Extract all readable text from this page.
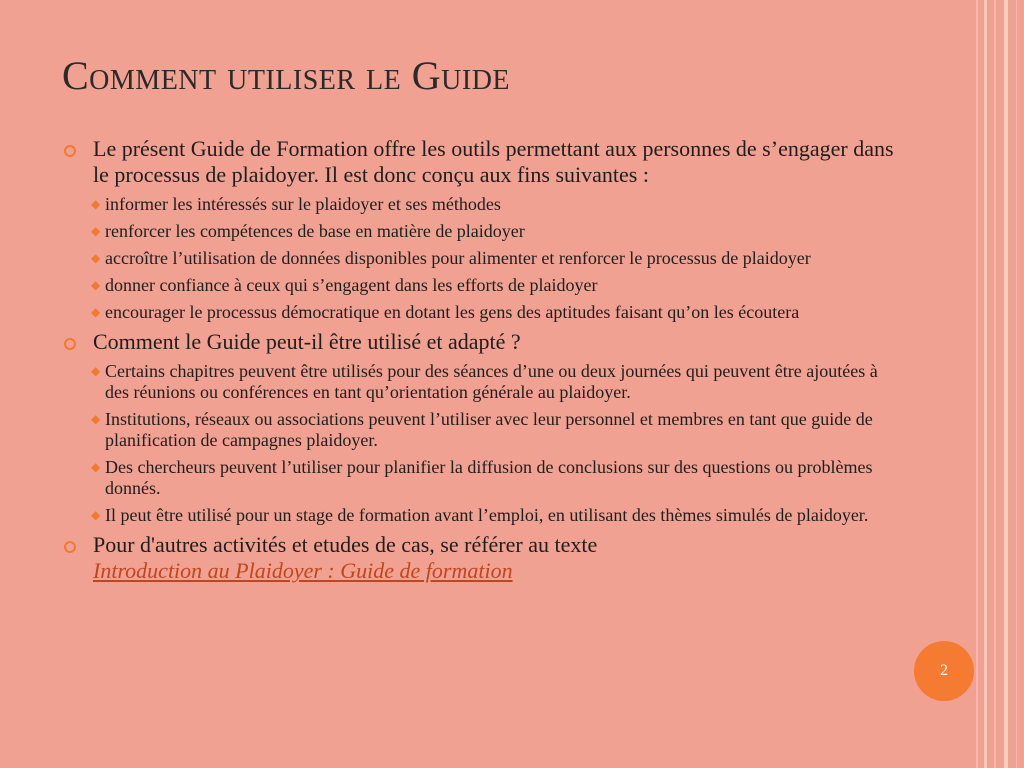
Comment utiliser le Guide
Le présent Guide de Formation offre les outils permettant aux personnes de s’engager dans le processus de plaidoyer. Il est donc conçu aux fins suivantes :
◆ informer les intéressés sur le plaidoyer et ses méthodes
◆ renforcer les compétences de base en matière de plaidoyer
◆ accroître l’utilisation de données disponibles pour alimenter et renforcer le processus de plaidoyer
◆ donner confiance à ceux qui s’engagent dans les efforts de plaidoyer
◆ encourager le processus démocratique en dotant les gens des aptitudes faisant qu’on les écoutera
Comment le Guide peut-il être utilisé et adapté ?
◆ Certains chapitres peuvent être utilisés pour des séances d’une ou deux journées qui peuvent être ajoutées à des réunions ou conférences en tant qu’orientation générale au plaidoyer.
◆ Institutions, réseaux ou associations peuvent l’utiliser avec leur personnel et membres en tant que guide de planification de campagnes plaidoyer.
◆ Des chercheurs peuvent l’utiliser pour planifier la diffusion de conclusions sur des questions ou problèmes donnés.
◆ Il peut être utilisé pour un stage de formation avant l’emploi, en utilisant des thèmes simulés de plaidoyer.
Pour d'autres activités et etudes de cas, se référer au texte
Introduction au Plaidoyer : Guide de formation
2
